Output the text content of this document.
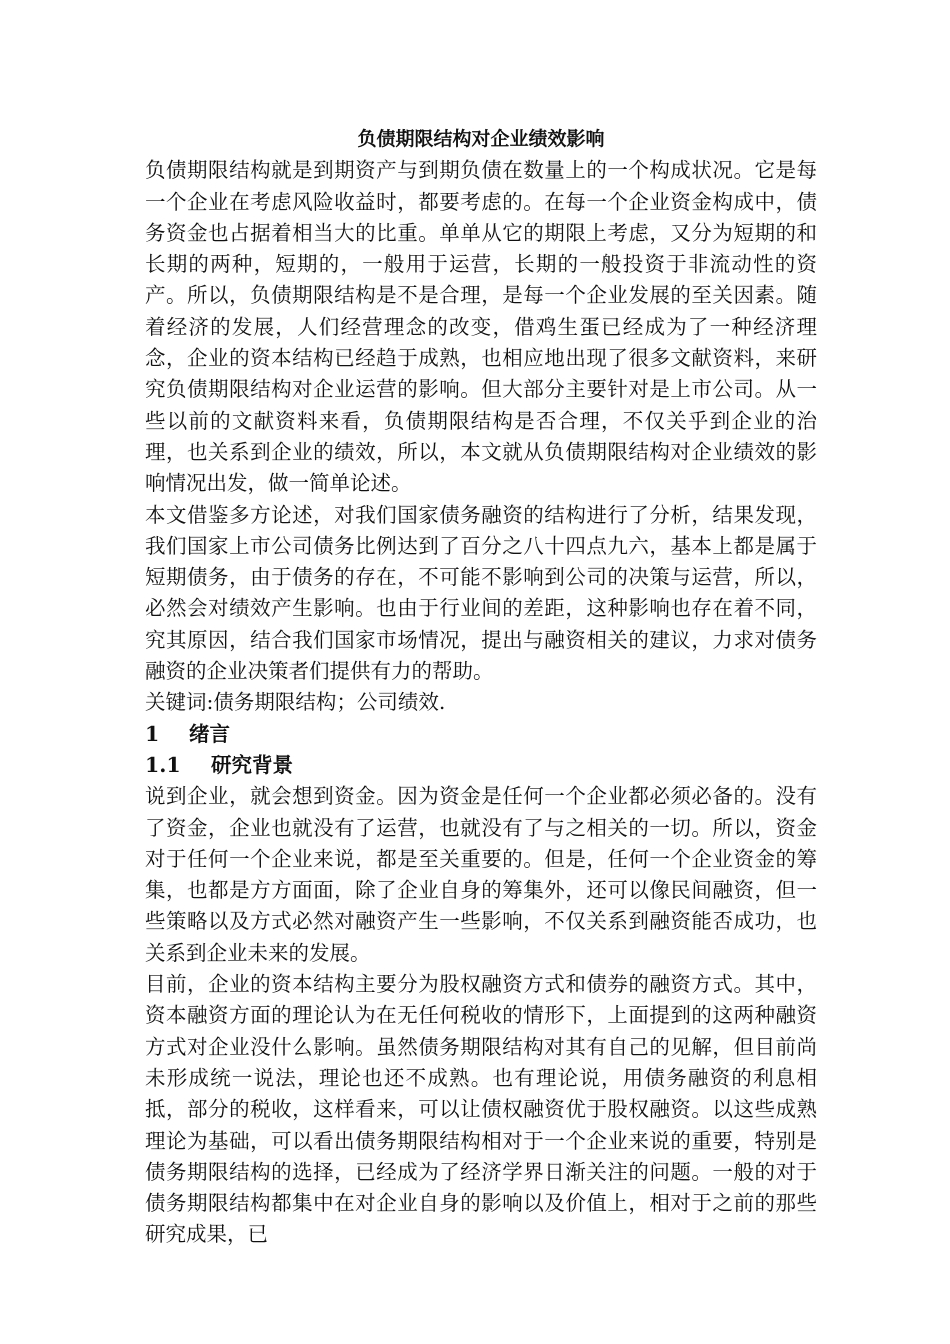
负债期限结构对企业绩效影响

负债期限结构就是到期资产与到期负债在数量上的一个构成状况。它是每一个企业在考虑风险收益时，都要考虑的。在每一个企业资金构成中，债务资金也占据着相当大的比重。单单从它的期限上考虑，又分为短期的和长期的两种，短期的，一般用于运营，长期的一般投资于非流动性的资产。所以，负债期限结构是不是合理，是每一个企业发展的至关因素。随着经济的发展，人们经营理念的改变，借鸡生蛋已经成为了一种经济理念，企业的资本结构已经趋于成熟，也相应地出现了很多文献资料，来研究负债期限结构对企业运营的影响。但大部分主要针对是上市公司。从一些以前的文献资料来看，负债期限结构是否合理，不仅关乎到企业的治理，也关系到企业的绩效，所以，本文就从负债期限结构对企业绩效的影响情况出发，做一简单论述。

本文借鉴多方论述，对我们国家债务融资的结构进行了分析，结果发现，我们国家上市公司债务比例达到了百分之八十四点九六，基本上都是属于短期债务，由于债务的存在，不可能不影响到公司的决策与运营，所以，必然会对绩效产生影响。也由于行业间的差距，这种影响也存在着不同，究其原因，结合我们国家市场情况，提出与融资相关的建议，力求对债务融资的企业决策者们提供有力的帮助。

关键词:债务期限结构；公司绩效.

1 绪言
1.1 研究背景

说到企业，就会想到资金。因为资金是任何一个企业都必须必备的。没有了资金，企业也就没有了运营，也就没有了与之相关的一切。所以，资金对于任何一个企业来说，都是至关重要的。但是，任何一个企业资金的筹集，也都是方方面面，除了企业自身的筹集外，还可以像民间融资，但一些策略以及方式必然对融资产生一些影响，不仅关系到融资能否成功，也关系到企业未来的发展。

目前，企业的资本结构主要分为股权融资方式和债券的融资方式。其中，资本融资方面的理论认为在无任何税收的情形下，上面提到的这两种融资方式对企业没什么影响。虽然债务期限结构对其有自己的见解，但目前尚未形成统一说法，理论也还不成熟。也有理论说，用债务融资的利息相抵，部分的税收，这样看来，可以让债权融资优于股权融资。以这些成熟理论为基础，可以看出债务期限结构相对于一个企业来说的重要，特别是债务期限结构的选择，已经成为了经济学界日渐关注的问题。一般的对于债务期限结构都集中在对企业自身的影响以及价值上，相对于之前的那些研究成果，已
